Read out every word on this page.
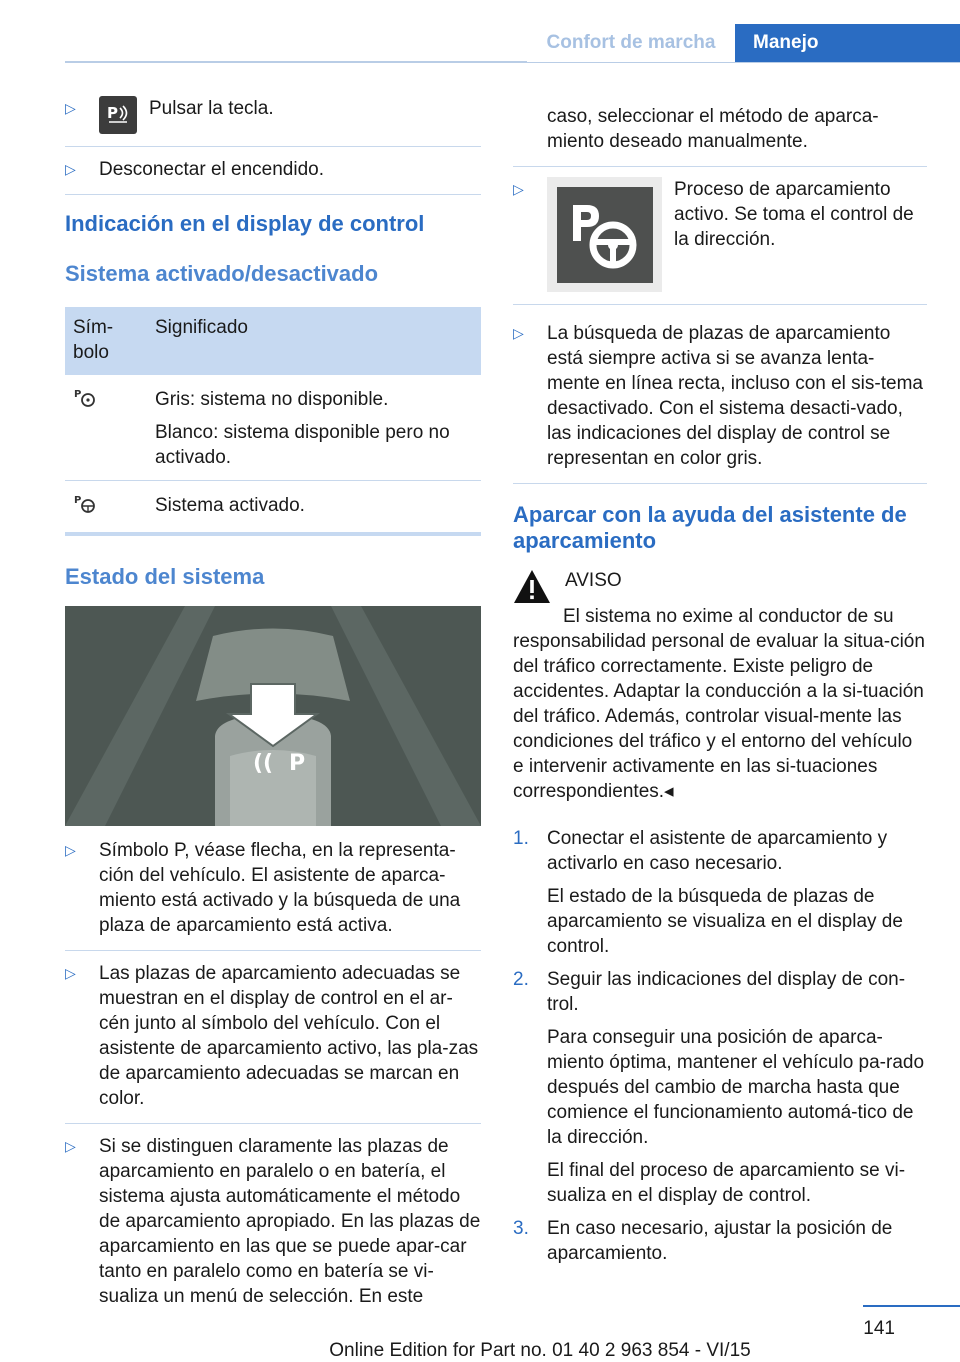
Confort de marcha	Manejo
▷ P Pulsar la tecla.
▷ Desconectar el encendido.
Indicación en el display de control
Sistema activado/desactivado
Sím-
bolo	Significado

P	Gris: sistema no disponible.

Blanco: sistema disponible pero no activado.

P	Sistema activado.
Estado del sistema
(( P
▷ Símbolo P, véase flecha, en la representa-ción del vehículo. El asistente de aparca-miento está activado y la búsqueda de una plaza de aparcamiento está activa.
▷ Las plazas de aparcamiento adecuadas se muestran en el display de control en el ar-cén junto al símbolo del vehículo. Con el asistente de aparcamiento activo, las pla-zas de aparcamiento adecuadas se marcan en color.
▷ Si se distinguen claramente las plazas de aparcamiento en paralelo o en batería, el sistema ajusta automáticamente el método de aparcamiento apropiado. En las plazas de aparcamiento en las que se puede apar-car tanto en paralelo como en batería se vi-sualiza un menú de selección. En este
caso, seleccionar el método de aparca-miento deseado manualmente.
▷	Proceso de aparcamiento activo. Se toma el control de la dirección.
▷ La búsqueda de plazas de aparcamiento está siempre activa si se avanza lenta-mente en línea recta, incluso con el sis-tema desactivado. Con el sistema desacti-vado, las indicaciones del display de control se representan en color gris.
Aparcar con la ayuda del asistente de aparcamiento
AVISO

El sistema no exime al conductor de su responsabilidad personal de evaluar la situa-ción del tráfico correctamente. Existe peligro de accidentes. Adaptar la conducción a la si-tuación del tráfico. Además, controlar visual-mente las condiciones del tráfico y el entorno del vehículo e intervenir activamente en las si-tuaciones correspondientes.◂

1. Conectar el asistente de aparcamiento y activarlo en caso necesario.

El estado de la búsqueda de plazas de aparcamiento se visualiza en el display de control.

2. Seguir las indicaciones del display de con-trol.

Para conseguir una posición de aparca-miento óptima, mantener el vehículo pa-rado después del cambio de marcha hasta que comience el funcionamiento automá-tico de la dirección.

El final del proceso de aparcamiento se vi-sualiza en el display de control.

3. En caso necesario, ajustar la posición de aparcamiento.

141
Online Edition for Part no. 01 40 2 963 854 - VI/15
